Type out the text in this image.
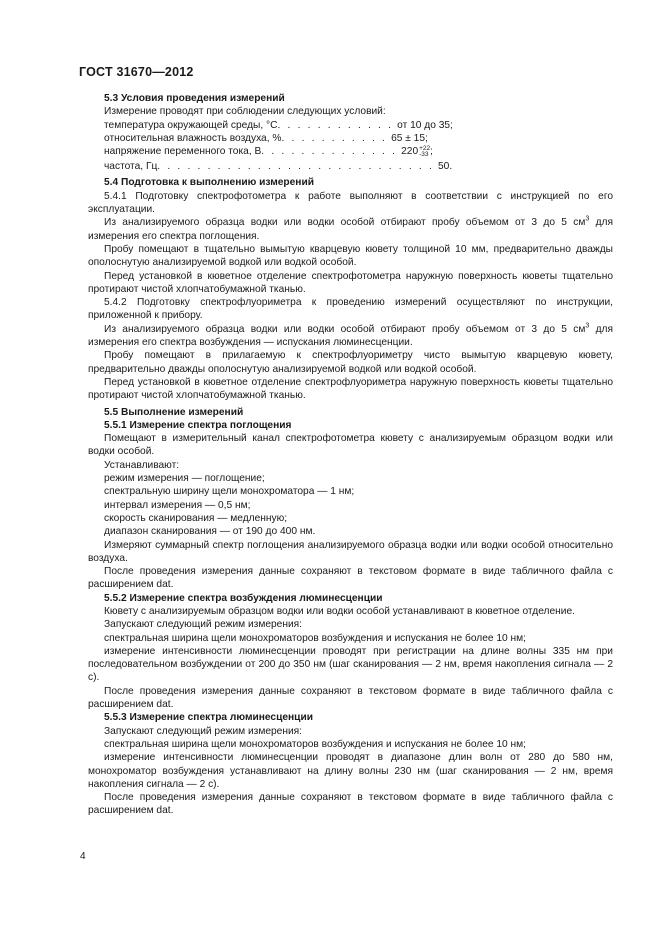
ГОСТ 31670—2012
5.3 Условия проведения измерений
Измерение проводят при соблюдении следующих условий:
температура окружающей среды, °С . . . . . . . . . . . . от 10 до 35;
относительная влажность воздуха, % . . . . . . . . . . . 65 ± 15;
напряжение переменного тока, В . . . . . . . . . . . . . . 220 +22
-33 ;
частота, Гц . . . . . . . . . . . . . . . . . . . . . . . . . . . . 50.
5.4 Подготовка к выполнению измерений
5.4.1 Подготовку спектрофотометра к работе выполняют в соответствии с инструкцией по его эксплуатации.
Из анализируемого образца водки или водки особой отбирают пробу объемом от 3 до 5 $см^3$ для измерения его спектра поглощения.
Пробу помещают в тщательно вымытую кварцевую кювету толщиной 10 мм, предварительно дважды ополоснутую анализируемой водкой или водкой особой.
Перед установкой в кюветное отделение спектрофотометра наружную поверхность кюветы тщательно протирают чистой хлопчатобумажной тканью.
5.4.2 Подготовку спектрофлуориметра к проведению измерений осуществляют по инструкции, приложенной к прибору.
Из анализируемого образца водки или водки особой отбирают пробу объемом от 3 до 5 $см^3$ для измерения его спектра возбуждения — испускания люминесценции.
Пробу помещают в прилагаемую к спектрофлуориметру чисто вымытую кварцевую кювету, предварительно дважды ополоснутую анализируемой водкой или водкой особой.
Перед установкой в кюветное отделение спектрофлуориметра наружную поверхность кюветы тщательно протирают чистой хлопчатобумажной тканью.
5.5 Выполнение измерений
5.5.1 Измерение спектра поглощения
Помещают в измерительный канал спектрофотометра кювету с анализируемым образцом водки или водки особой.
Устанавливают:
режим измерения — поглощение;
спектральную ширину щели монохроматора — 1 нм;
интервал измерения — 0,5 нм;
скорость сканирования — медленную;
диапазон сканирования — от 190 до 400 нм.
Измеряют суммарный спектр поглощения анализируемого образца водки или водки особой относительно воздуха.
После проведения измерения данные сохраняют в текстовом формате в виде табличного файла с расширением dat.
5.5.2 Измерение спектра возбуждения люминесценции
Кювету с анализируемым образцом водки или водки особой устанавливают в кюветное отделение.
Запускают следующий режим измерения:
спектральная ширина щели монохроматоров возбуждения и испускания не более 10 нм;
измерение интенсивности люминесценции проводят при регистрации на длине волны 335 нм при последовательном возбуждении от 200 до 350 нм (шаг сканирования — 2 нм, время накопления сигнала — 2 с).
После проведения измерения данные сохраняют в текстовом формате в виде табличного файла с расширением dat.
5.5.3 Измерение спектра люминесценции
Запускают следующий режим измерения:
спектральная ширина щели монохроматоров возбуждения и испускания не более 10 нм;
измерение интенсивности люминесценции проводят в диапазоне длин волн от 280 до 580 нм, монохроматор возбуждения устанавливают на длину волны 230 нм (шаг сканирования — 2 нм, время накопления сигнала — 2 с).
После проведения измерения данные сохраняют в текстовом формате в виде табличного файла с расширением dat.
4
